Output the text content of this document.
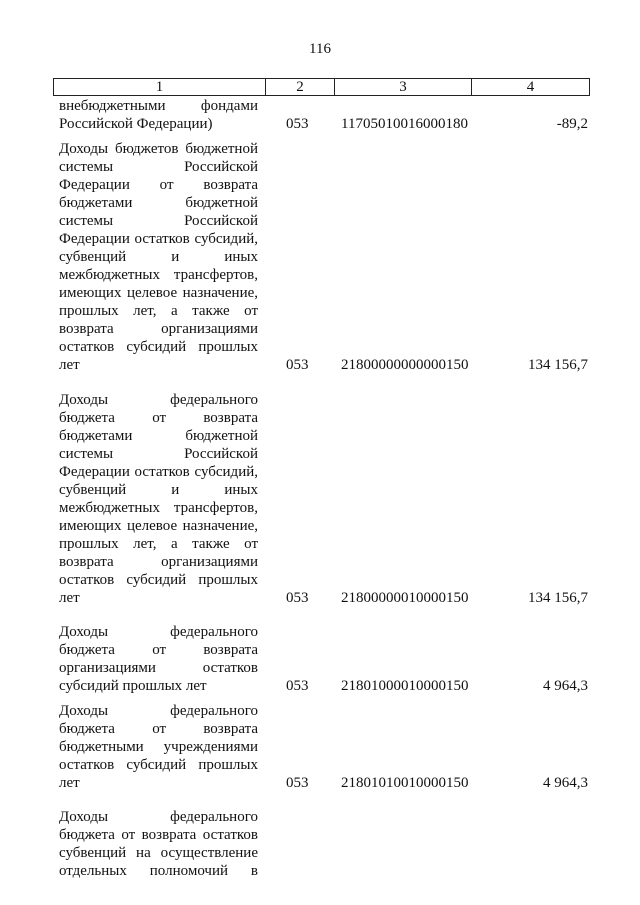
116
1	2	3	4
внебюджетными фондами
Российской Федерации)	053 11705010016000180	-89,2
Доходы бюджетов бюджетной
системы Российской
Федерации от возврата
бюджетами бюджетной
системы Российской
Федерации остатков субсидий,
субвенций и иных
межбюджетных трансфертов,
имеющих целевое назначение,
прошлых лет, а также от
возврата организациями
остатков субсидий прошлых
лет	053 21800000000000150	134 156,7
Доходы федерального
бюджета от возврата
бюджетами бюджетной
системы Российской
Федерации остатков субсидий,
субвенций и иных
межбюджетных трансфертов,
имеющих целевое назначение,
прошлых лет, а также от
возврата организациями
остатков субсидий прошлых
лет	053 21800000010000150	134 156,7
Доходы федерального
бюджета от возврата
организациями остатков
субсидий прошлых лет	053 21801000010000150	4 964,3
Доходы федерального
бюджета от возврата
бюджетными учреждениями
остатков субсидий прошлых
лет	053 21801010010000150	4 964,3
Доходы федерального
бюджета от возврата остатков
субвенций на осуществление
отдельных полномочий в
